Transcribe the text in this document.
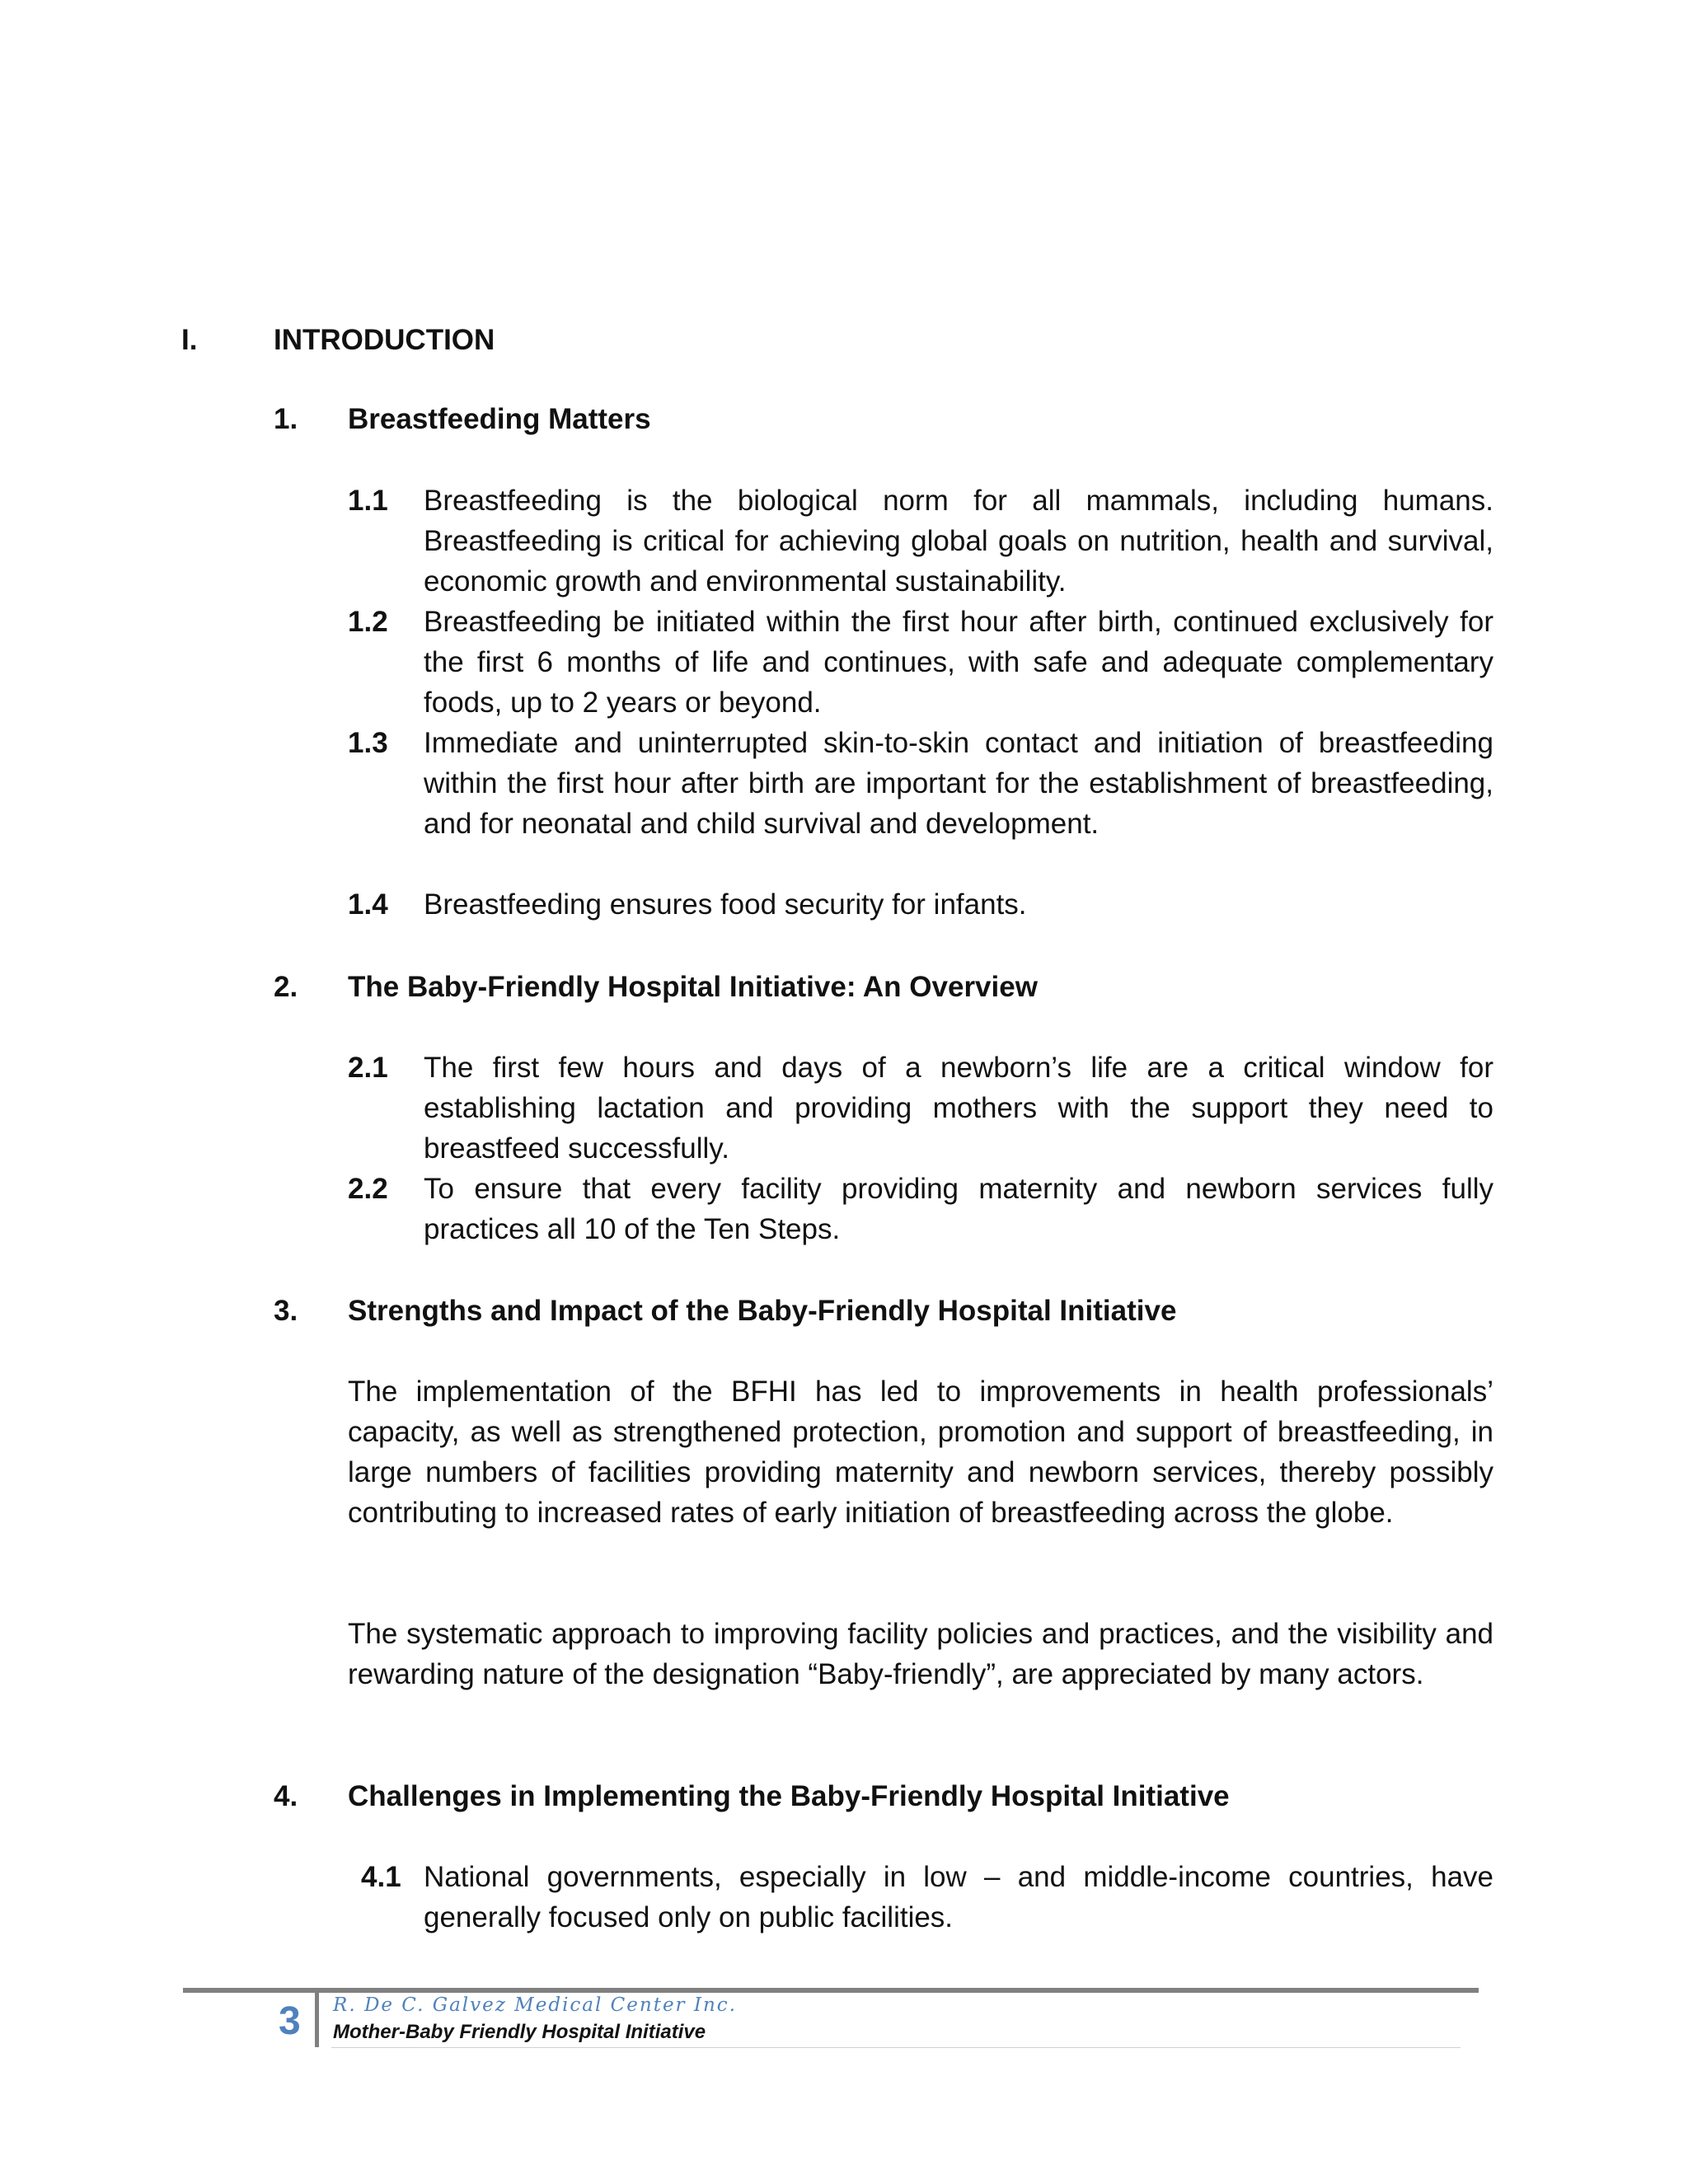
I.	INTRODUCTION
1. Breastfeeding Matters
1.1 Breastfeeding is the biological norm for all mammals, including humans. Breastfeeding is critical for achieving global goals on nutrition, health and survival, economic growth and environmental sustainability.
1.2 Breastfeeding be initiated within the first hour after birth, continued exclusively for the first 6 months of life and continues, with safe and adequate complementary foods, up to 2 years or beyond.
1.3 Immediate and uninterrupted skin-to-skin contact and initiation of breastfeeding within the first hour after birth are important for the establishment of breastfeeding, and for neonatal and child survival and development.
1.4 Breastfeeding ensures food security for infants.
2. The Baby-Friendly Hospital Initiative: An Overview
2.1 The first few hours and days of a newborn’s life are a critical window for establishing lactation and providing mothers with the support they need to breastfeed successfully.
2.2 To ensure that every facility providing maternity and newborn services fully practices all 10 of the Ten Steps.
3. Strengths and Impact of the Baby-Friendly Hospital Initiative
The implementation of the BFHI has led to improvements in health professionals’ capacity, as well as strengthened protection, promotion and support of breastfeeding, in large numbers of facilities providing maternity and newborn services, thereby possibly contributing to increased rates of early initiation of breastfeeding across the globe.
The systematic approach to improving facility policies and practices, and the visibility and rewarding nature of the designation “Baby-friendly”, are appreciated by many actors.
4. Challenges in Implementing the Baby-Friendly Hospital Initiative
4.1 National governments, especially in low – and middle-income countries, have generally focused only on public facilities.
3 R. De C. Galvez Medical Center Inc.
Mother-Baby Friendly Hospital Initiative
